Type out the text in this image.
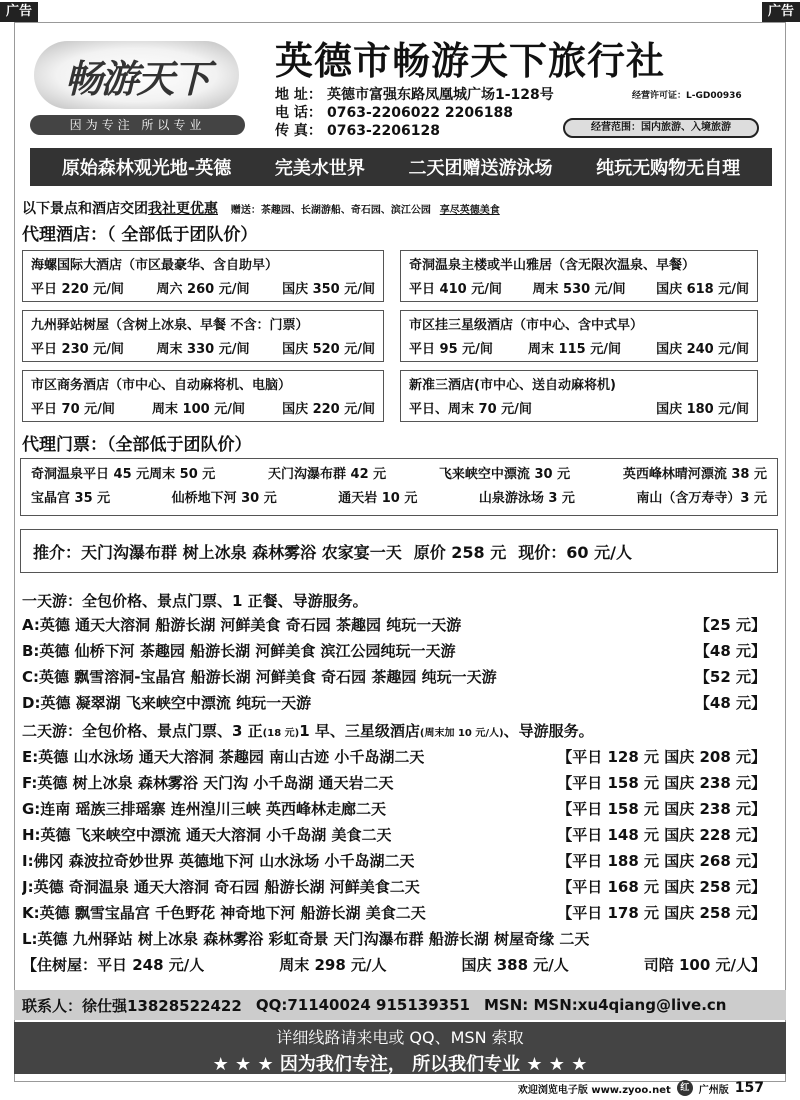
广告	广告
畅游天下
因为专注 所以专业
英德市畅游天下旅行社
地 址： 英德市富强东路凤凰城广场1-128号	经营许可证：L-GD00936
电 话： 0763-2206022 2206188
传 真： 0763-2206128	经营范围：国内旅游、入境旅游
原始森林观光地-英德 完美水世界 二天团赠送游泳场 纯玩无购物无自理
以下景点和酒店交团我社更优惠 赠送：茶趣园、长湖游船、奇石园、滨江公园 享尽英德美食
代理酒店：（ 全部低于团队价）
海螺国际大酒店（市区最豪华、含自助早）
平日 220 元/间	周六 260 元/间	国庆 350 元/间
奇洞温泉主楼或半山雅居（含无限次温泉、早餐）
平日 410 元/间 周末 530 元/间 国庆 618 元/间
九州驿站树屋（含树上冰泉、早餐 不含：门票）
平日 230 元/间	周末 330 元/间	国庆 520 元/间
市区挂三星级酒店（市中心、含中式早）
平日 95 元/间	周末 115 元/间	国庆 240 元/间
市区商务酒店（市中心、自动麻将机、电脑）
平日 70 元/间	周末 100 元/间	国庆 220 元/间
新准三酒店(市中心、送自动麻将机)
平日、周末 70 元/间	国庆 180 元/间
代理门票：（全部低于团队价）
奇洞温泉平日 45 元周末 50 元	天门沟瀑布群 42 元	飞来峡空中漂流 30 元	英西峰林晴河漂流 38 元
宝晶宫 35 元	仙桥地下河 30 元	通天岩 10 元	山泉游泳场 3 元	南山（含万寿寺）3 元
推介：天门沟瀑布群 树上冰泉 森林雾浴 农家宴一天 原价 258 元 现价：60 元/人
一天游：全包价格、景点门票、1 正餐、导游服务。
A:英德 通天大溶洞 船游长湖 河鲜美食 奇石园 茶趣园 纯玩一天游	【25 元】
B:英德 仙桥下河 茶趣园 船游长湖 河鲜美食 滨江公园纯玩一天游	【48 元】
C:英德 飘雪溶洞-宝晶宫 船游长湖 河鲜美食 奇石园 茶趣园 纯玩一天游	【52 元】
D:英德 凝翠湖 飞来峡空中漂流 纯玩一天游	【48 元】
二天游：全包价格、景点门票、3 正(18 元)1 早、三星级酒店(周末加 10 元/人)、导游服务。
E:英德 山水泳场 通天大溶洞 茶趣园 南山古迹 小千岛湖二天	【平日 128 元 国庆 208 元】
F:英德 树上冰泉 森林雾浴 天门沟 小千岛湖 通天岩二天	【平日 158 元 国庆 238 元】
G:连南 瑶族三排瑶寨 连州湟川三峡 英西峰林走廊二天	【平日 158 元 国庆 238 元】
H:英德 飞来峡空中漂流 通天大溶洞 小千岛湖 美食二天	【平日 148 元 国庆 228 元】
I:佛冈 森波拉奇妙世界 英德地下河 山水泳场 小千岛湖二天	【平日 188 元 国庆 268 元】
J:英德 奇洞温泉 通天大溶洞 奇石园 船游长湖 河鲜美食二天	【平日 168 元 国庆 258 元】
K:英德 飘雪宝晶宫 千色野花 神奇地下河 船游长湖 美食二天	【平日 178 元 国庆 258 元】
L:英德 九州驿站 树上冰泉 森林雾浴 彩虹奇景 天门沟瀑布群 船游长湖 树屋奇缘 二天
【住树屋：平日 248 元/人	周末 298 元/人	国庆 388 元/人	司陪 100 元/人】
联系人：徐仕强13828522422 QQ:71140024 915139351 MSN: MSN:xu4qiang@live.cn
详细线路请来电或 QQ、MSN 索取
★ ★ ★ 因为我们专注， 所以我们专业 ★ ★ ★
欢迎浏览电子版 www.zyoo.net	红 广州版 157
